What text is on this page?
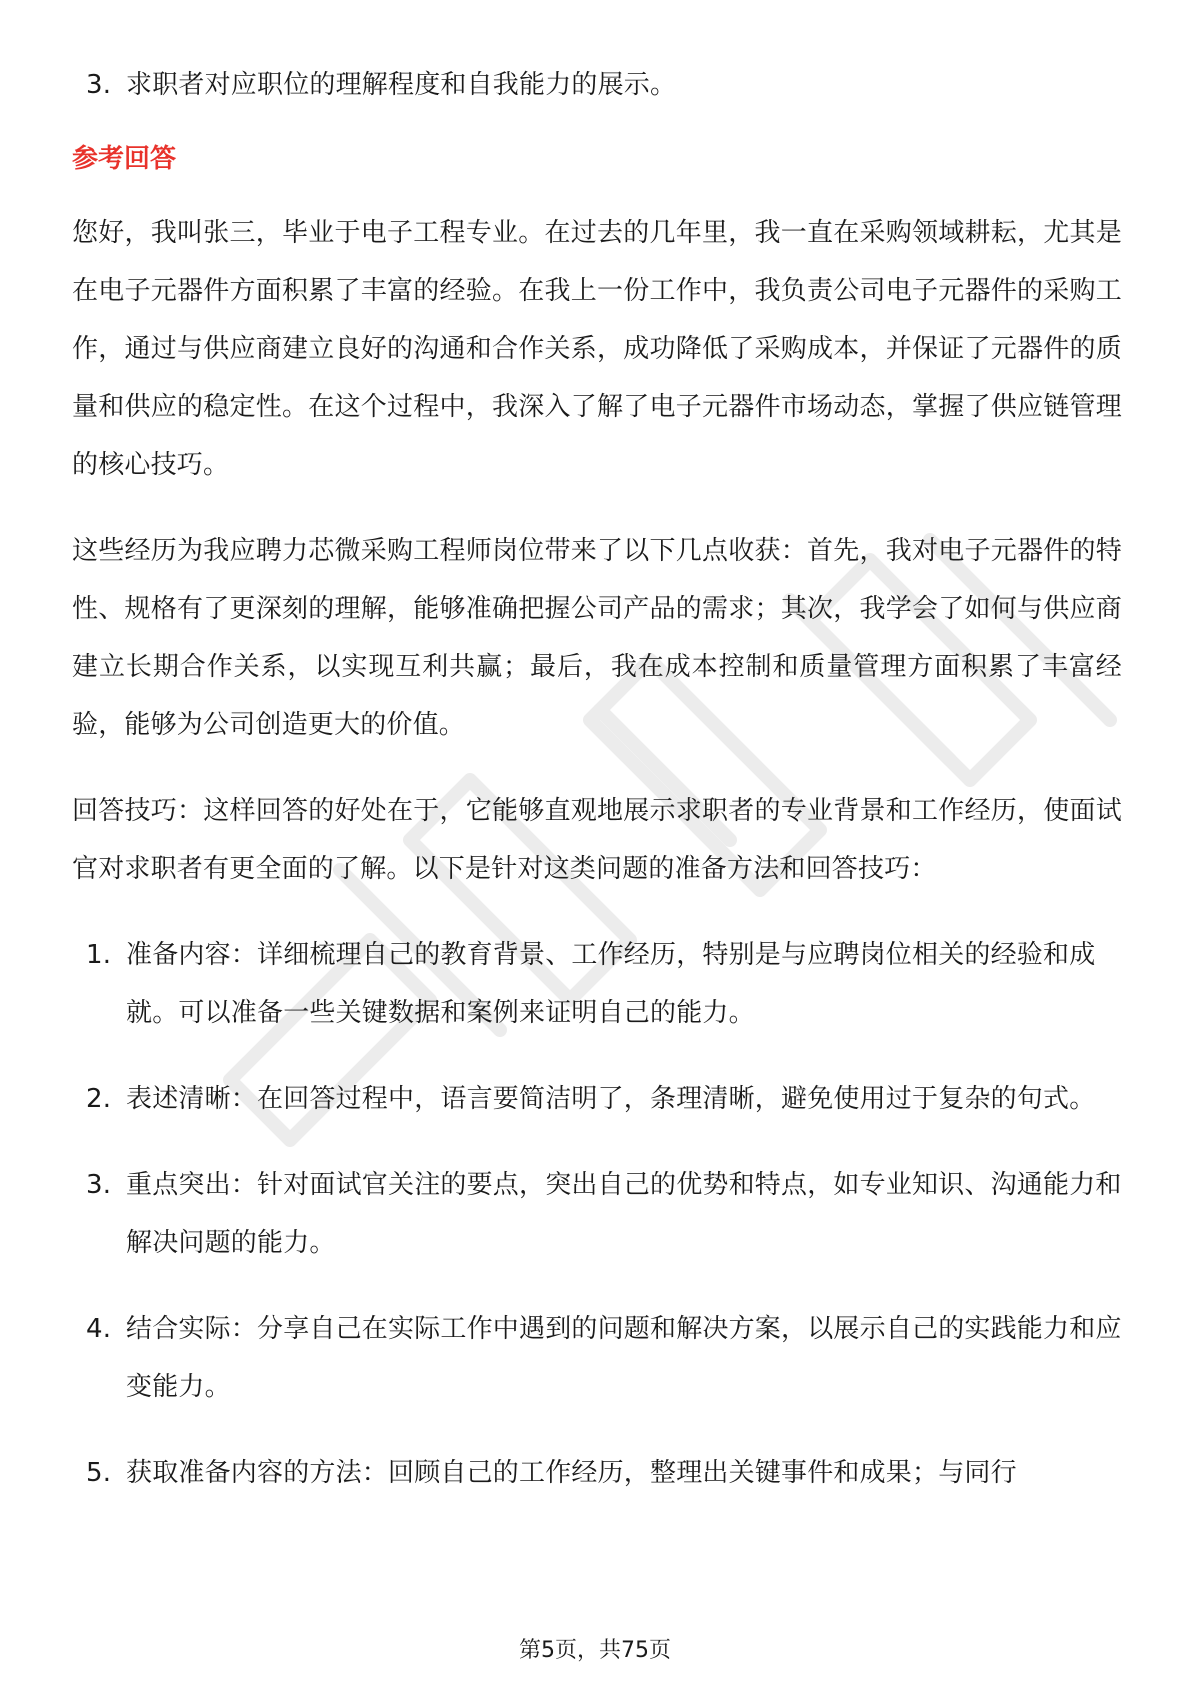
3. 求职者对应职位的理解程度和自我能力的展示。
参考回答

您好，我叫张三，毕业于电子工程专业。在过去的几年里，我一直在采购领域耕耘，尤其是在电子元器件方面积累了丰富的经验。在我上一份工作中，我负责公司电子元器件的采购工作，通过与供应商建立良好的沟通和合作关系，成功降低了采购成本，并保证了元器件的质量和供应的稳定性。在这个过程中，我深入了解了电子元器件市场动态，掌握了供应链管理的核心技巧。

这些经历为我应聘力芯微采购工程师岗位带来了以下几点收获：首先，我对电子元器件的特性、规格有了更深刻的理解，能够准确把握公司产品的需求；其次，我学会了如何与供应商建立长期合作关系，以实现互利共赢；最后，我在成本控制和质量管理方面积累了丰富经验，能够为公司创造更大的价值。

回答技巧：这样回答的好处在于，它能够直观地展示求职者的专业背景和工作经历，使面试官对求职者有更全面的了解。以下是针对这类问题的准备方法和回答技巧：

1. 准备内容：详细梳理自己的教育背景、工作经历，特别是与应聘岗位相关的经验和成就。可以准备一些关键数据和案例来证明自己的能力。
2. 表述清晰：在回答过程中，语言要简洁明了，条理清晰，避免使用过于复杂的句式。
3. 重点突出：针对面试官关注的要点，突出自己的优势和特点，如专业知识、沟通能力和解决问题的能力。
4. 结合实际：分享自己在实际工作中遇到的问题和解决方案，以展示自己的实践能力和应变能力。
5. 获取准备内容的方法：回顾自己的工作经历，整理出关键事件和成果；与同行
第5页，共75页
